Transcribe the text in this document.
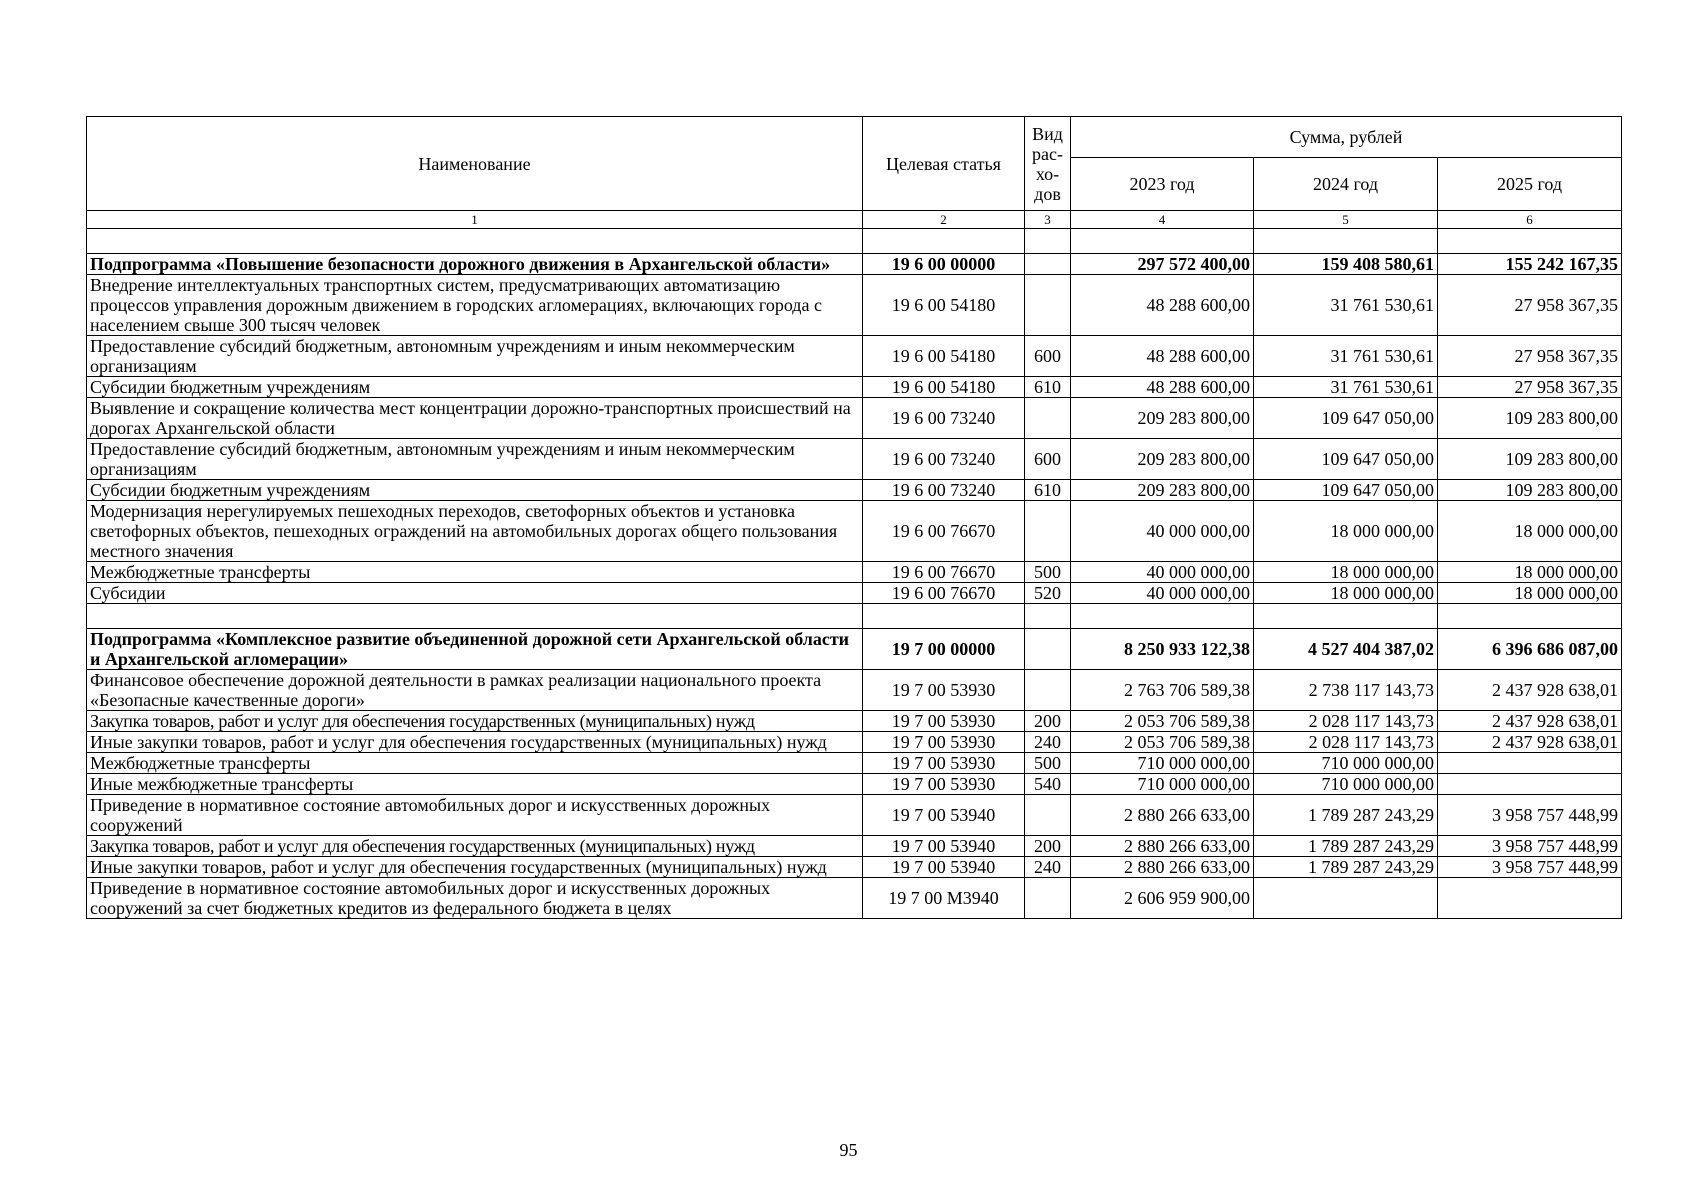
Наименование	Целевая статья	Вид рас-хо-дов	Сумма, рублей		
			2023 год	2024 год	2025 год
1	2	3	4	5	6

Подпрограмма «Повышение безопасности дорожного движения в Архангельской области»	19 6 00 00000		297 572 400,00	159 408 580,61	155 242 167,35
Внедрение интеллектуальных транспортных систем, предусматривающих автоматизацию процессов управления дорожным движением в городских агломерациях, включающих города с населением свыше 300 тысяч человек	19 6 00 54180		48 288 600,00	31 761 530,61	27 958 367,35
Предоставление субсидий бюджетным, автономным учреждениям и иным некоммерческим организациям	19 6 00 54180	600	48 288 600,00	31 761 530,61	27 958 367,35
Субсидии бюджетным учреждениям	19 6 00 54180	610	48 288 600,00	31 761 530,61	27 958 367,35
Выявление и сокращение количества мест концентрации дорожно-транспортных происшествий на дорогах Архангельской области	19 6 00 73240		209 283 800,00	109 647 050,00	109 283 800,00
Предоставление субсидий бюджетным, автономным учреждениям и иным некоммерческим организациям	19 6 00 73240	600	209 283 800,00	109 647 050,00	109 283 800,00
Субсидии бюджетным учреждениям	19 6 00 73240	610	209 283 800,00	109 647 050,00	109 283 800,00
Модернизация нерегулируемых пешеходных переходов, светофорных объектов и установка светофорных объектов, пешеходных ограждений на автомобильных дорогах общего пользования местного значения	19 6 00 76670		40 000 000,00	18 000 000,00	18 000 000,00
Межбюджетные трансферты	19 6 00 76670	500	40 000 000,00	18 000 000,00	18 000 000,00
Субсидии	19 6 00 76670	520	40 000 000,00	18 000 000,00	18 000 000,00

Подпрограмма «Комплексное развитие объединенной дорожной сети Архангельской области и Архангельской агломерации»	19 7 00 00000		8 250 933 122,38	4 527 404 387,02	6 396 686 087,00
Финансовое обеспечение дорожной деятельности в рамках реализации национального проекта «Безопасные качественные дороги»	19 7 00 53930		2 763 706 589,38	2 738 117 143,73	2 437 928 638,01
Закупка товаров, работ и услуг для обеспечения государственных (муниципальных) нужд	19 7 00 53930	200	2 053 706 589,38	2 028 117 143,73	2 437 928 638,01
Иные закупки товаров, работ и услуг для обеспечения государственных (муниципальных) нужд	19 7 00 53930	240	2 053 706 589,38	2 028 117 143,73	2 437 928 638,01
Межбюджетные трансферты	19 7 00 53930	500	710 000 000,00	710 000 000,00	
Иные межбюджетные трансферты	19 7 00 53930	540	710 000 000,00	710 000 000,00	
Приведение в нормативное состояние автомобильных дорог и искусственных дорожных сооружений	19 7 00 53940		2 880 266 633,00	1 789 287 243,29	3 958 757 448,99
Закупка товаров, работ и услуг для обеспечения государственных (муниципальных) нужд	19 7 00 53940	200	2 880 266 633,00	1 789 287 243,29	3 958 757 448,99
Иные закупки товаров, работ и услуг для обеспечения государственных (муниципальных) нужд	19 7 00 53940	240	2 880 266 633,00	1 789 287 243,29	3 958 757 448,99
Приведение в нормативное состояние автомобильных дорог и искусственных дорожных сооружений за счет бюджетных кредитов из федерального бюджета в целях	19 7 00 М3940		2 606 959 900,00		
95
